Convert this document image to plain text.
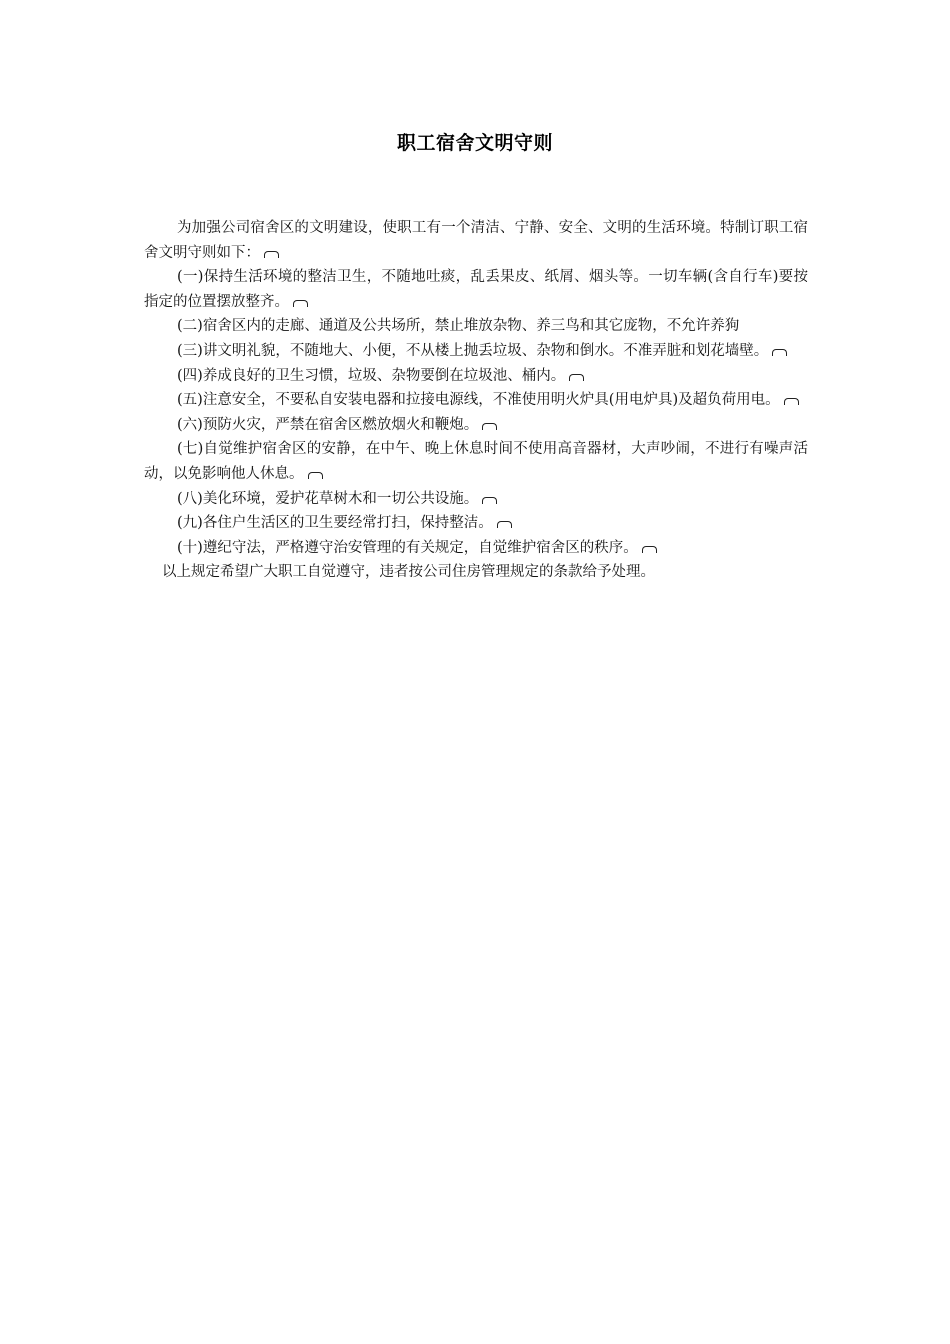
职工宿舍文明守则

为加强公司宿舍区的文明建设，使职工有一个清洁、宁静、安全、文明的生活环境。特制订职工宿舍文明守则如下：

(一)保持生活环境的整洁卫生，不随地吐痰，乱丢果皮、纸屑、烟头等。一切车辆(含自行车)要按指定的位置摆放整齐。

(二)宿舍区内的走廊、通道及公共场所，禁止堆放杂物、养三鸟和其它庞物，不允许养狗

(三)讲文明礼貌，不随地大、小便，不从楼上抛丢垃圾、杂物和倒水。不准弄脏和划花墙壁。

(四)养成良好的卫生习惯，垃圾、杂物要倒在垃圾池、桶内。

(五)注意安全，不要私自安装电器和拉接电源线，不准使用明火炉具(用电炉具)及超负荷用电。

(六)预防火灾，严禁在宿舍区燃放烟火和鞭炮。

(七)自觉维护宿舍区的安静，在中午、晚上休息时间不使用高音器材，大声吵闹，不进行有噪声活动，以免影响他人休息。

(八)美化环境，爱护花草树木和一切公共设施。

(九)各住户生活区的卫生要经常打扫，保持整洁。

(十)遵纪守法，严格遵守治安管理的有关规定，自觉维护宿舍区的秩序。

以上规定希望广大职工自觉遵守，违者按公司住房管理规定的条款给予处理。
